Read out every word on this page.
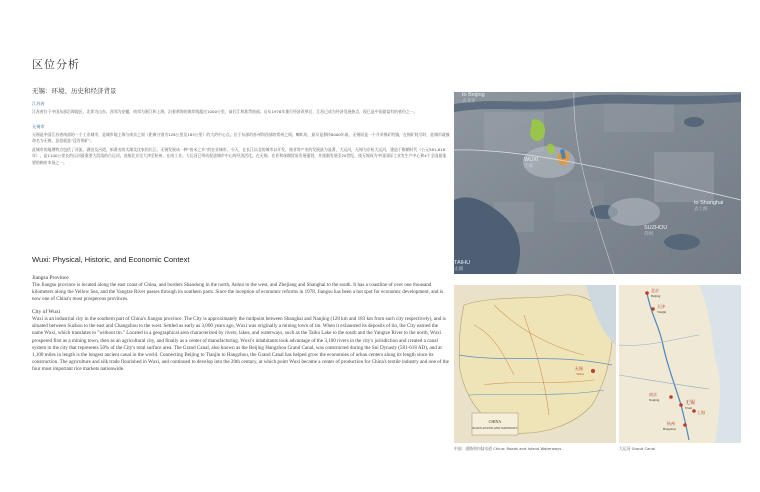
区位分析
无锡：环境、历史和经济背景
江苏省

江苏省位于中国东部沿海地区，北邻为山东，西邻为安徽，南邻为浙江和上海，沿着黄海的海岸线超过1000公里，前后江和淮贯南部。自从1978年推行经济改革后，江苏已成为经济发展热点，现已是中国最富有的省份之一。

无锡市

无锡是中国江苏省南部的一个工业城市，是城市地上海与南京之间（距离分别为128公里及183公里）的大约中心点。位于东部的苏州和西部的常州之间。喇叭坊，最早是那样8000年前，无锡原是一个开采锡矿的镇，在锡矿耗尽时，此城市就被命名为无锡，意思就是“没有锡矿”。

此城市的地理特点包括了河流、湖泊及河道，如著名的太湖及沈家的长江。无锡发展成一种“鱼米之乡”的农业城市。今天，在长江以北的城市以开发、商业等产业的发展最为显著，大运河，无锡为京杭大运河，建造于隋朝时代（公元581-618年），是1100公里长的运河最重要大段落的古运河。连接北京至大津至杭州，在南工业。大运河已带动促进城市中心的经济活化。在无锡，农业和丝绸贸易发展蓬勃，并逐渐发展至20世纪，使无锡成为中国国际工业发生产中心和4个全国最重要的棉布市场之一。

Wuxi: Physical, Historic, and Economic Context
Jiangsu Province

The Jiangsu province is located along the east coast of China, and borders Shandong in the north, Anhui to the west, and Zhejiang and Shanghai to the south. It has a coastline of over one thousand kilometers along the Yellow Sea, and the Yangtze River passes through its southern parts. Since the inception of economic reforms in 1978, Jiangsu has been a hot spot for economic development, and is now one of China's most prosperous provinces.

City of Wuxi

Wuxi is an industrial city in the southern part of China's Jiangsu province. The City is approximately the midpoint between Shanghai and Nanjing (128 km and 183 km from each city respectively), and is situated between Suzhou to the east and Changzhou to the west. Settled as early as 3,000 years ago, Wuxi was originally a mining town of tin. When it exhausted its deposits of tin, the City earned the name Wuxi, which translates to "without tin." Located in a geographical area characterized by rivers, lakes, and waterways, such as the Taihu Lake to the south and the Yangtze River to the north, Wuxi prospered first as a mining town, then as an agricultural city, and finally as a center of manufacturing. Wuxi's inhabitants took advantage of the 3,100 rivers in the city's jurisdiction and created a canal system in the city that represents 50% of the City's total surface area. The Grand Canal, also known as the Beijing Hangzhou Grand Canal, was constructed during the Sui Dynasty (581-618 AD), and at 1,100 miles in length is the longest ancient canal in the world. Connecting Beijing to Tianjin to Hangzhou, the Grand Canal has helped grow the economies of urban centers along its length since its construction. The agriculture and silk trade flourished in Wuxi, and continued to develop into the 20th century, at which point Wuxi became a center of production for China's textile industry and one of the four most important rice markets nationwide.

to Beijing
去北京
WUXI
无锡
to Shanghai
去上海
SUZHOU
苏州
TAIHU
太湖
CHINA
ROADS AND INLAND WATERWAYS
无锡
Wuxi
北京
Beijing
天津
Tianjin
南京
Nanjing	无锡
Wuxi
上海
杭州
Hangzhou
中国：道路和内陆水道 China: Roads and Inland Waterways	大运河 Grand Canal
